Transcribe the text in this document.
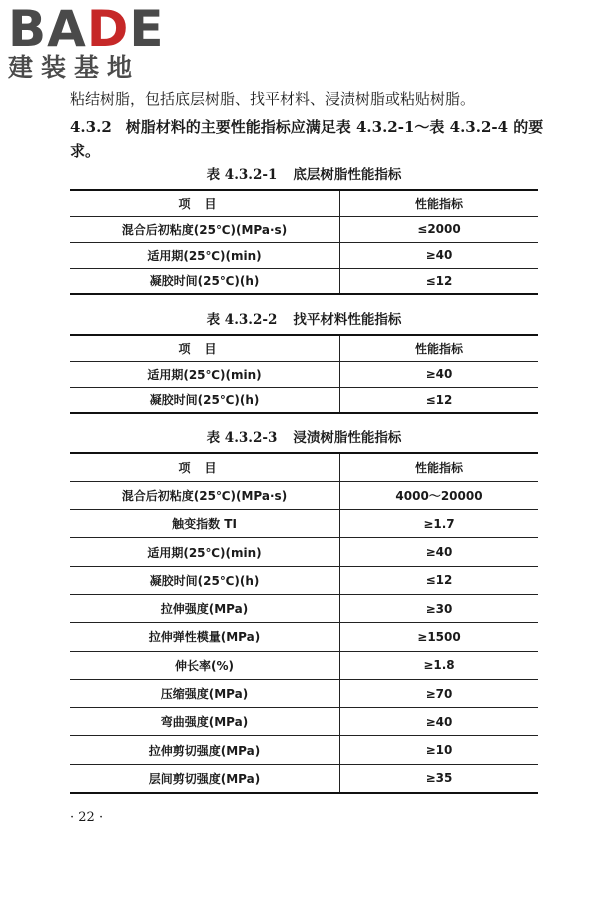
BADE
建装基地
粘结树脂，包括底层树脂、找平材料、浸渍树脂或粘贴树脂。
4.3.2 树脂材料的主要性能指标应满足表 4.3.2-1～表 4.3.2-4 的要求。
表 4.3.2-1 底层树脂性能指标
项目	性能指标
混合后初粘度(25℃)(MPa·s)	≤2000
适用期(25℃)(min)	≥40
凝胶时间(25℃)(h)	≤12
表 4.3.2-2 找平材料性能指标
项目	性能指标
适用期(25℃)(min)	≥40
凝胶时间(25℃)(h)	≤12
表 4.3.2-3 浸渍树脂性能指标
项目	性能指标
混合后初粘度(25℃)(MPa·s)	4000～20000
触变指数 TI	≥1.7
适用期(25℃)(min)	≥40
凝胶时间(25℃)(h)	≤12
拉伸强度(MPa)	≥30
拉伸弹性模量(MPa)	≥1500
伸长率(%)	≥1.8
压缩强度(MPa)	≥70
弯曲强度(MPa)	≥40
拉伸剪切强度(MPa)	≥10
层间剪切强度(MPa)	≥35
· 22 ·
